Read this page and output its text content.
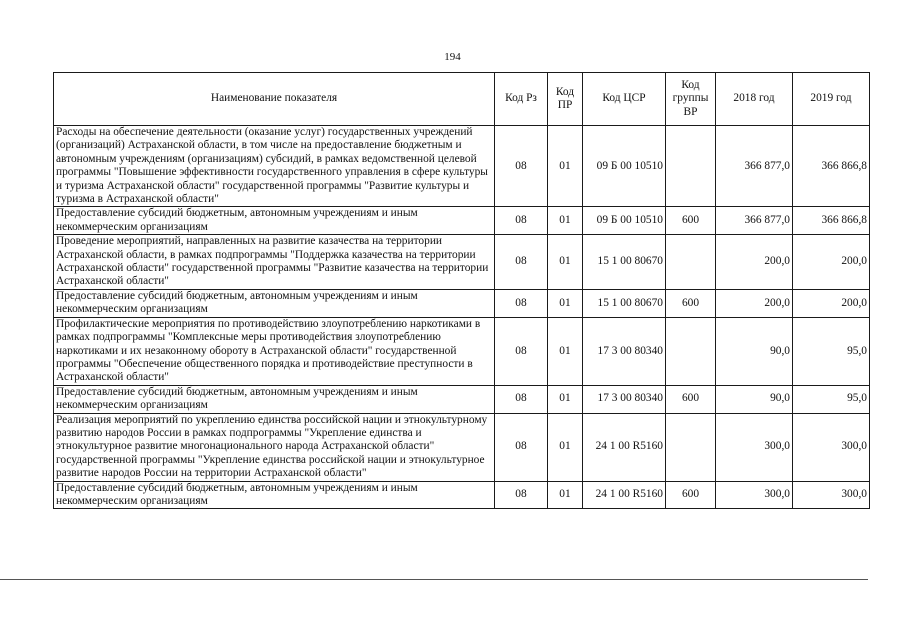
194
Наименование показателя	Код Рз	Код ПР	Код ЦСР	Код группы ВР	2018 год	2019 год
Расходы на обеспечение деятельности (оказание услуг) государственных учреждений (организаций) Астраханской области, в том числе на предоставление бюджетным и автономным учреждениям (организациям) субсидий, в рамках ведомственной целевой программы "Повышение эффективности государственного управления в сфере культуры и туризма Астраханской области" государственной программы "Развитие культуры и туризма в Астраханской области"	08	01	09 Б 00 10510		366 877,0	366 866,8
Предоставление субсидий бюджетным, автономным учреждениям и иным некоммерческим организациям	08	01	09 Б 00 10510	600	366 877,0	366 866,8
Проведение мероприятий, направленных на развитие казачества на территории Астраханской области, в рамках подпрограммы "Поддержка казачества на территории Астраханской области" государственной программы "Развитие казачества на территории Астраханской области"	08	01	15 1 00 80670		200,0	200,0
Предоставление субсидий бюджетным, автономным учреждениям и иным некоммерческим организациям	08	01	15 1 00 80670	600	200,0	200,0
Профилактические мероприятия по противодействию злоупотреблению наркотиками в рамках подпрограммы "Комплексные меры противодействия злоупотреблению наркотиками и их незаконному обороту в Астраханской области" государственной программы "Обеспечение общественного порядка и противодействие преступности в Астраханской области"	08	01	17 3 00 80340		90,0	95,0
Предоставление субсидий бюджетным, автономным учреждениям и иным некоммерческим организациям	08	01	17 3 00 80340	600	90,0	95,0
Реализация мероприятий по укреплению единства российской нации и этнокультурному развитию народов России в рамках подпрограммы "Укрепление единства и этнокультурное развитие многонационального народа Астраханской области" государственной программы "Укрепление единства российской нации и этнокультурное развитие народов России на территории Астраханской области"	08	01	24 1 00 R5160		300,0	300,0
Предоставление субсидий бюджетным, автономным учреждениям и иным некоммерческим организациям	08	01	24 1 00 R5160	600	300,0	300,0
